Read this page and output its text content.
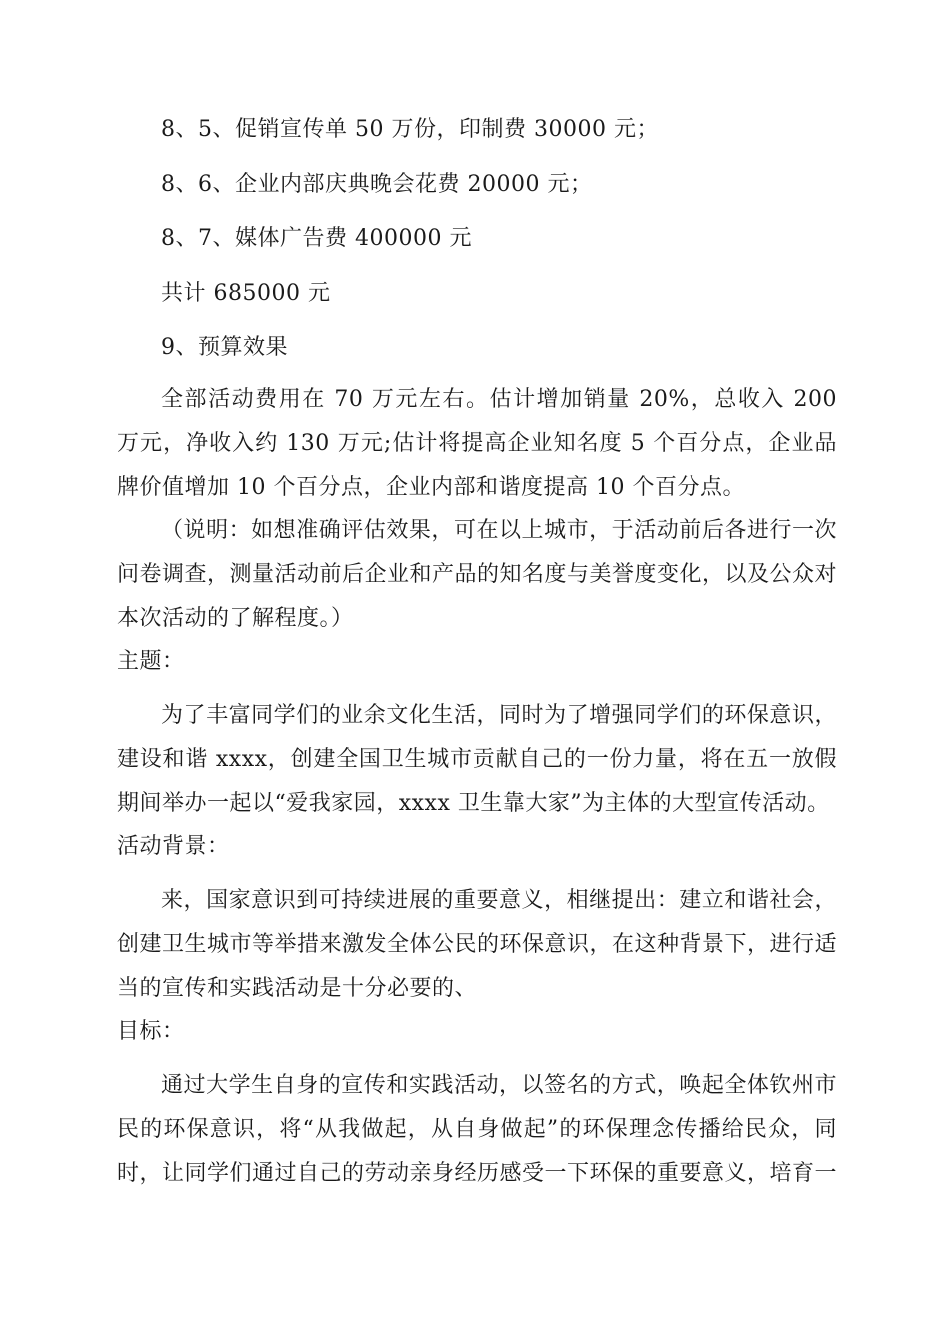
8、5、促销宣传单 50 万份，印制费 30000 元；
8、6、企业内部庆典晚会花费 20000 元；
8、7、媒体广告费 400000 元
共计 685000 元
9、预算效果
全部活动费用在 70 万元左右。估计增加销量 20%，总收入 200 万元，净收入约 130 万元;估计将提高企业知名度 5 个百分点，企业品牌价值增加 10 个百分点，企业内部和谐度提高 10 个百分点。
（说明：如想准确评估效果，可在以上城市，于活动前后各进行一次问卷调查，测量活动前后企业和产品的知名度与美誉度变化，以及公众对本次活动的了解程度。）
主题：
为了丰富同学们的业余文化生活，同时为了增强同学们的环保意识，建设和谐 xxxx，创建全国卫生城市贡献自己的一份力量，将在五一放假期间举办一起以“爱我家园，xxxx 卫生靠大家”为主体的大型宣传活动。
活动背景：
来，国家意识到可持续进展的重要意义，相继提出：建立和谐社会，创建卫生城市等举措来激发全体公民的环保意识，在这种背景下，进行适当的宣传和实践活动是十分必要的、
目标：
通过大学生自身的宣传和实践活动，以签名的方式，唤起全体钦州市民的环保意识，将“从我做起，从自身做起”的环保理念传播给民众，同时，让同学们通过自己的劳动亲身经历感受一下环保的重要意义，培育一
